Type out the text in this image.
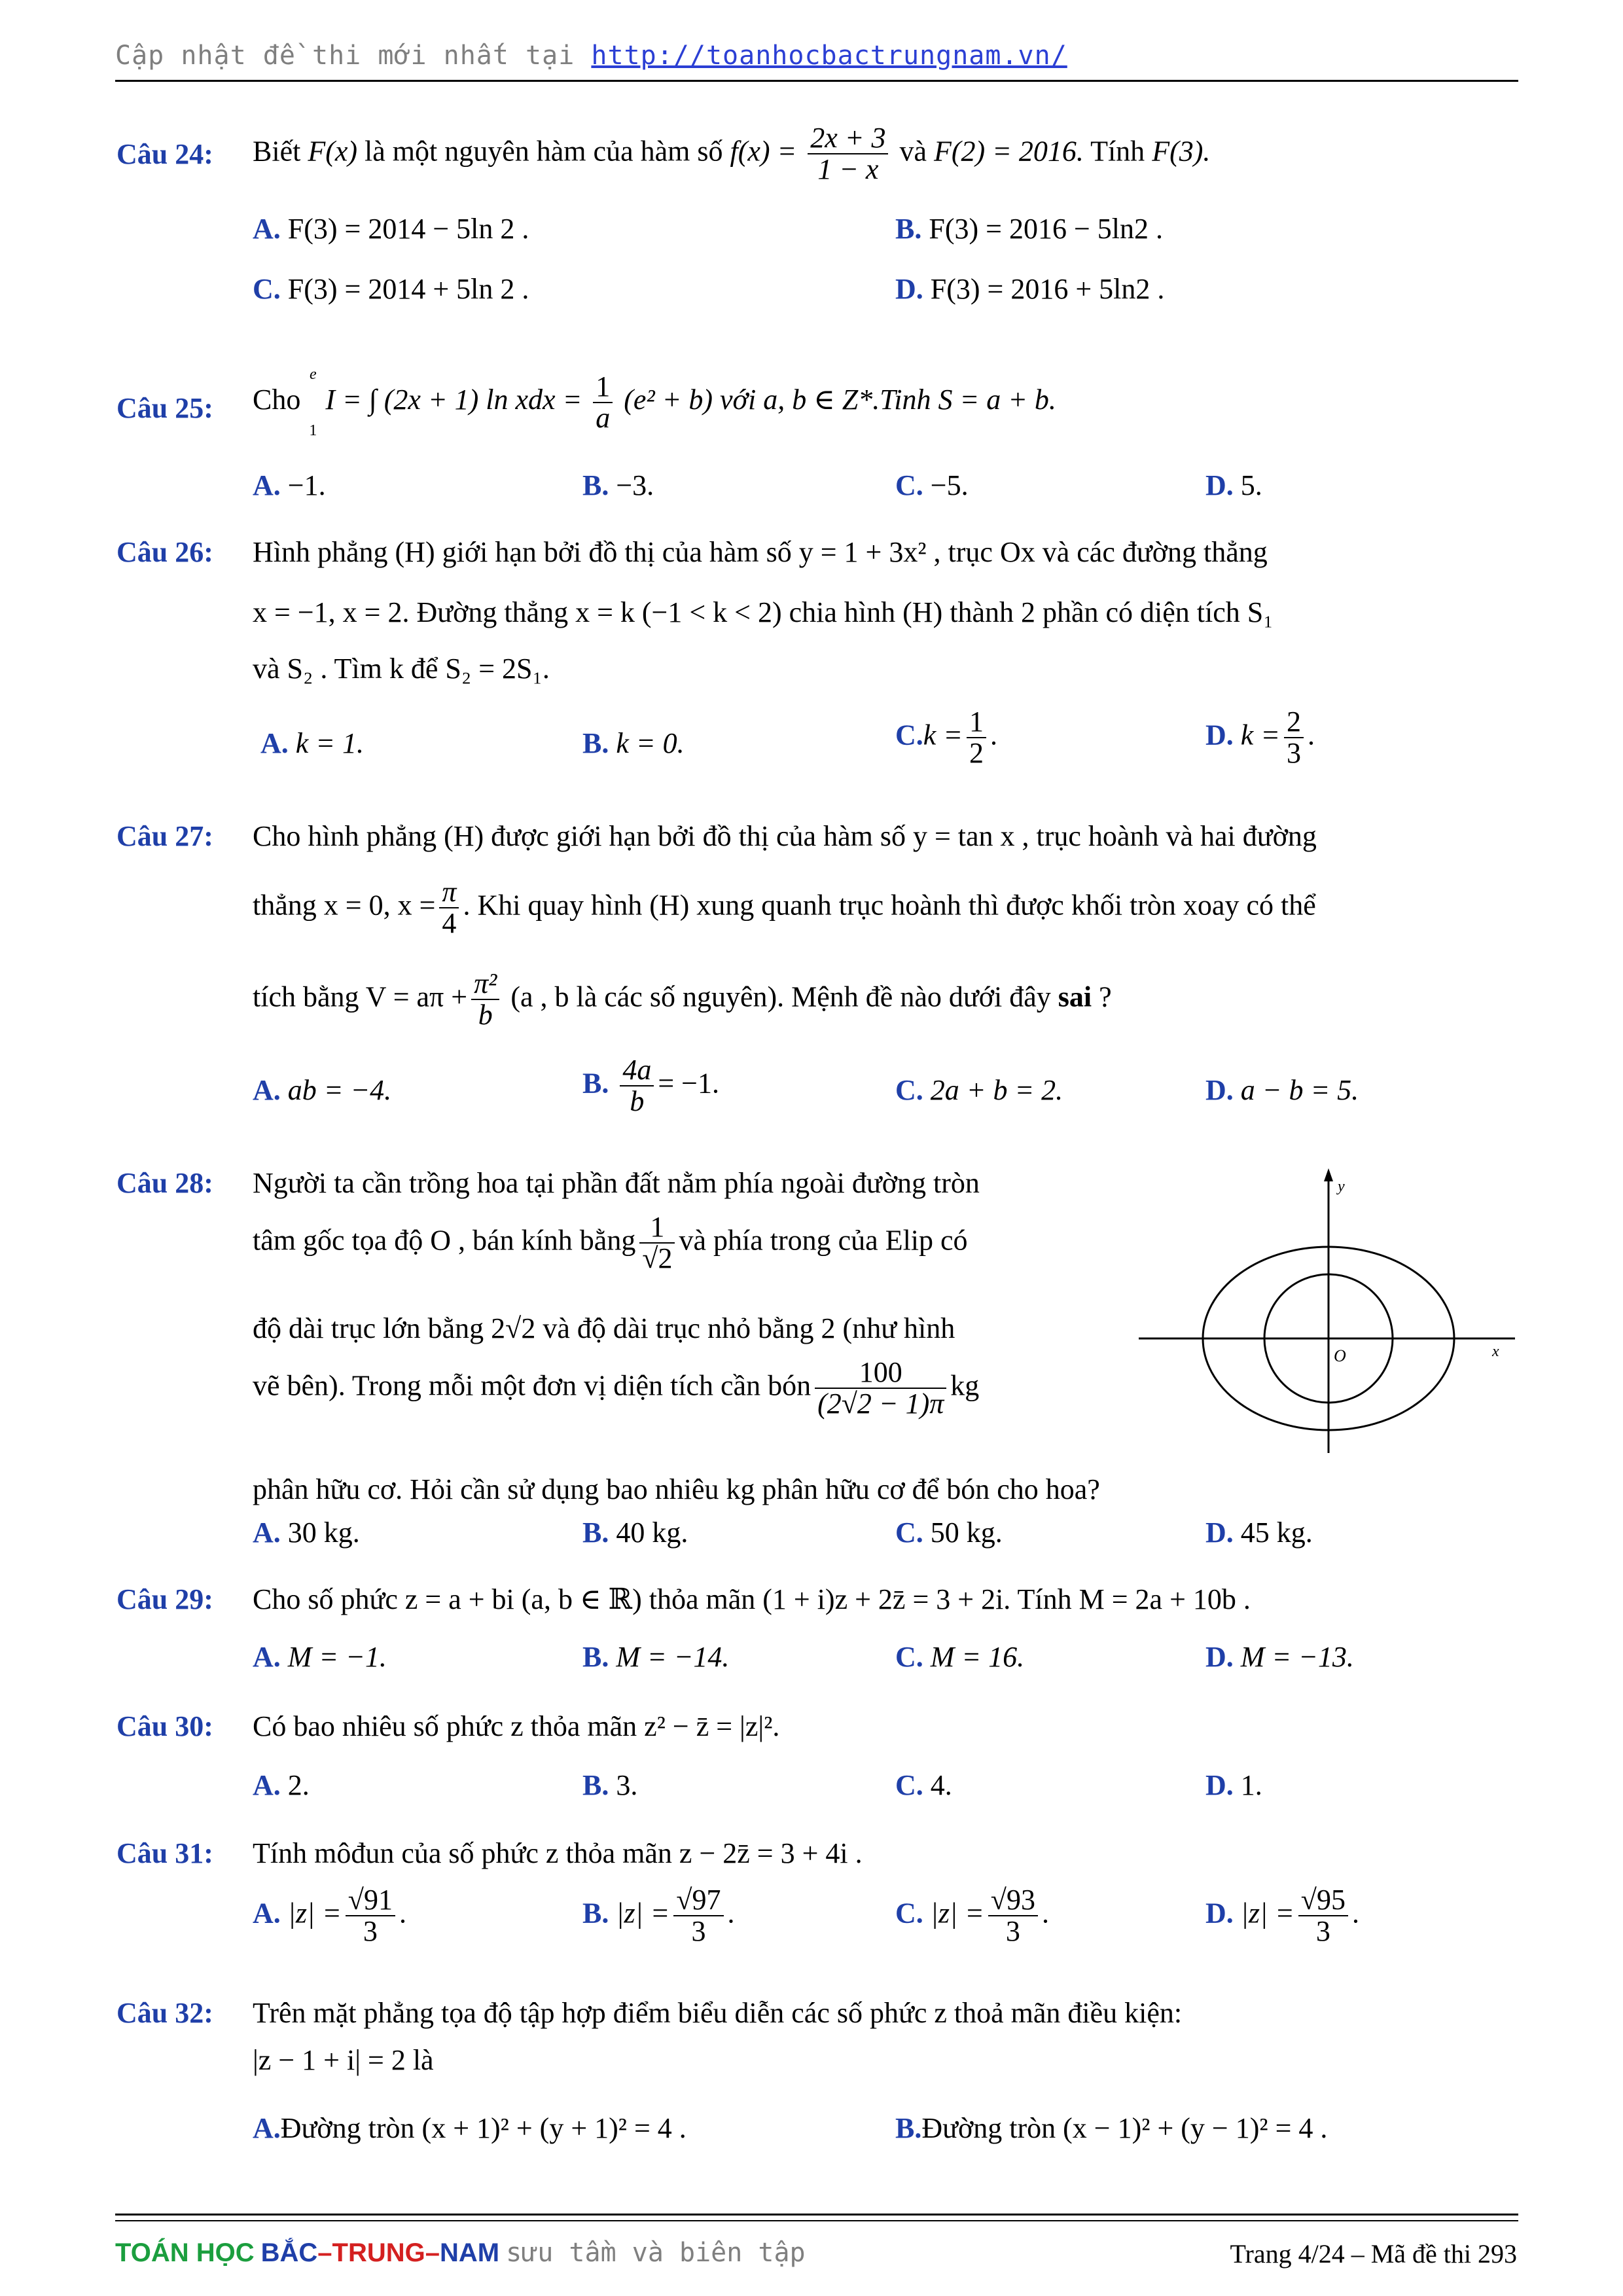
Cập nhật đề thi mới nhất tại http://toanhocbactrungnam.vn/
Câu 24: Biết F(x) là một nguyên hàm của hàm số $f(x) = \frac{2x + 3}{1 - x}$ và F(2) = 2016. Tính F(3).
A. F(3) = 2014 − 5ln 2 .	B. F(3) = 2016 − 5ln2 .
C. F(3) = 2014 + 5ln 2 .	D. F(3) = 2016 + 5ln2 .
Câu 25: Cho
e
1
I = ∫ (2x + 1) ln xdx = $\frac{1}{a} (e^2 + b)$ với a, b ∈ Z*.Tinh S = a + b.
A. −1.	B. −3.	C. −5.	D. 5.
Câu 26: Hình phẳng (H) giới hạn bởi đồ thị của hàm số y = 1 + 3x² , trục Ox và các đường thẳng
x = −1, x = 2. Đường thẳng x = k (−1 < k < 2) chia hình (H) thành 2 phần có diện tích S₁
và S₂ . Tìm k để S₂ = 2S₁.
A. k = 1.	B. k = 0.	$C.k = \frac{1}{2}$ .	D. $k = \frac{2}{3}$ .
Câu 27: Cho hình phẳng (H) được giới hạn bởi đồ thị của hàm số y = tan x , trục hoành và hai đường
thẳng x = 0, $x = \frac{\pi}{4}$ . Khi quay hình (H) xung quanh trục hoành thì được khối tròn xoay có thể
tích bằng $V = a\pi + \frac{\text{π²}}{b} (a$ , b là các số nguyên). Mệnh đề nào dưới đây sai ?
A. ab = −4.	B. $\frac{4a}{b} = -1$.	C. 2a + b = 2.	D. a − b = 5.
Câu 28: Người ta cần trồng hoa tại phần đất nằm phía ngoài đường tròn
tâm gốc tọa độ O , bán kính bằng $\frac{1}{√2}$ và phía trong của Elip có
độ dài trục lớn bằng 2√2 và độ dài trục nhỏ bằng 2 (như hình
vẽ bên). Trong mỗi một đơn vị diện tích cần bón $\frac{100}{(2√2 - 1)\pi}$ kg
phân hữu cơ. Hỏi cần sử dụng bao nhiêu kg phân hữu cơ để bón cho hoa?
y
O	x
A. 30 kg.	B. 40 kg.	C. 50 kg.	D. 45 kg.
Câu 29: Cho số phức z = a + bi (a, b ∈ ℝ) thỏa mãn (1 + i)z + 2z̄ = 3 + 2i. Tính M = 2a + 10b .
A. M = −1.	B. M = −14.	C. M = 16.	D. M = −13.
Câu 30: Có bao nhiêu số phức z thỏa mãn z² − z̄ = |z|².
A. 2.	B. 3.	C. 4.	D. 1.
Câu 31: Tính môđun của số phức z thỏa mãn z − 2z̄ = 3 + 4i .
A. $|z| = \frac{√91}{3}$ .	B. $|z| = \frac{√97}{3}$ .	C. $|z| = \frac{√93}{3}$ .	D. $|z| = \frac{√95}{3}$ .
Câu 32: Trên mặt phẳng tọa độ tập hợp điểm biểu diễn các số phức z thoả mãn điều kiện:
|z − 1 + i| = 2 là
A.Đường tròn (x + 1)² + (y + 1)² = 4 .	B.Đường tròn (x − 1)² + (y − 1)² = 4 .
TOÁN HỌC BẮC–TRUNG–NAM sưu tầm và biên tập	Trang 4/24 – Mã đề thi 293
